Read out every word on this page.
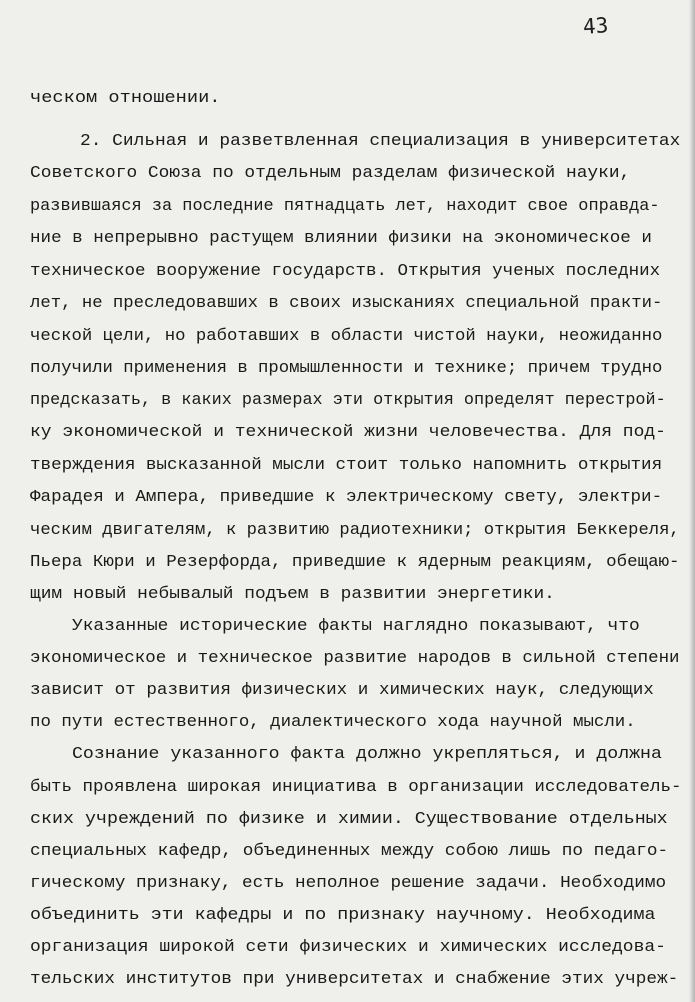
43
ческом отношении.
2. Сильная и разветвленная специализация в университетах
Советского Союза по отдельным разделам физической науки,
развившаяся за последние пятнадцать лет, находит свое оправда-
ние в непрерывно растущем влиянии физики на экономическое и
техническое вооружение государств. Открытия ученых последних
лет, не преследовавших в своих изысканиях специальной практи-
ческой цели, но работавших в области чистой науки, неожиданно
получили применения в промышленности и технике; причем трудно
предсказать, в каких размерах эти открытия определят перестрой-
ку экономической и технической жизни человечества. Для под-
тверждения высказанной мысли стоит только напомнить открытия
Фарадея и Ампера, приведшие к электрическому свету, электри-
ческим двигателям, к развитию радиотехники; открытия Беккереля,
Пьера Кюри и Резерфорда, приведшие к ядерным реакциям, обещаю-
щим новый небывалый подъем в развитии энергетики.
Указанные исторические факты наглядно показывают, что
экономическое и техническое развитие народов в сильной степени
зависит от развития физических и химических наук, следующих
по пути естественного, диалектического хода научной мысли.
Сознание указанного факта должно укрепляться, и должна
быть проявлена широкая инициатива в организации исследователь-
ских учреждений по физике и химии. Существование отдельных
специальных кафедр, объединенных между собою лишь по педаго-
гическому признаку, есть неполное решение задачи. Необходимо
объединить эти кафедры и по признаку научному. Необходима
организация широкой сети физических и химических исследова-
тельских институтов при университетах и снабжение этих учреж-
